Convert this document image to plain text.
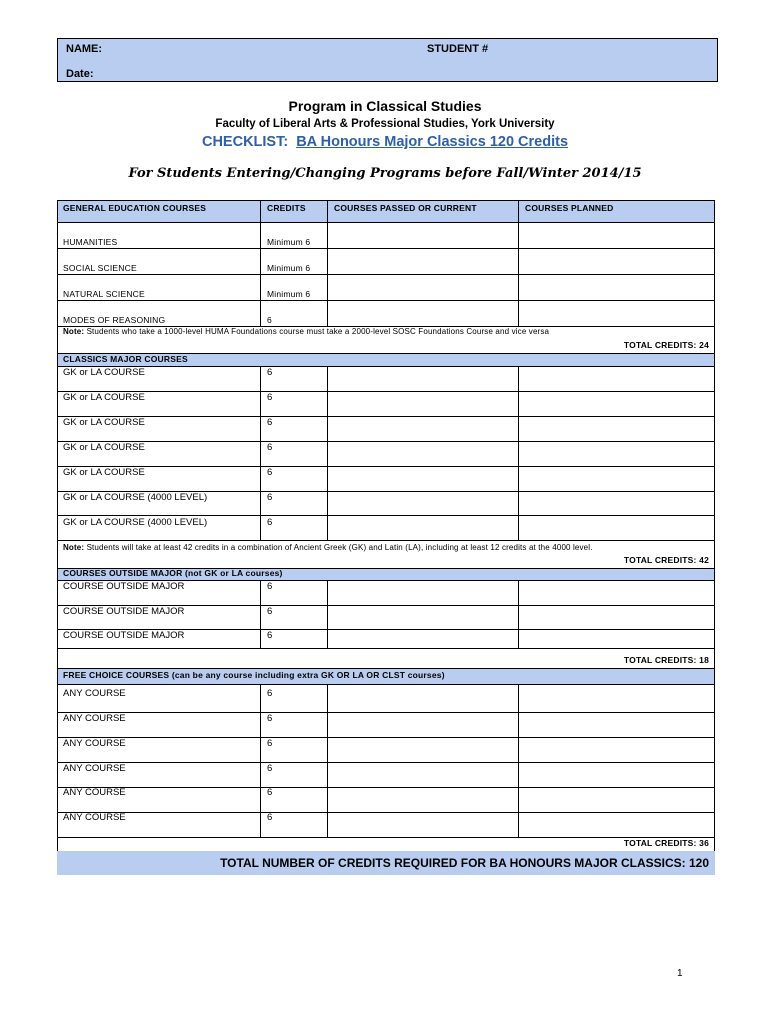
NAME:	STUDENT #
Date:
Program in Classical Studies
Faculty of Liberal Arts & Professional Studies, York University
CHECKLIST: BA Honours Major Classics 120 Credits
For Students Entering/Changing Programs before Fall/Winter 2014/15
GENERAL EDUCATION COURSES	CREDITS	COURSES PASSED OR CURRENT	COURSES PLANNED
HUMANITIES	Minimum 6
SOCIAL SCIENCE	Minimum 6
NATURAL SCIENCE	Minimum 6
MODES OF REASONING	6
Note: Students who take a 1000-level HUMA Foundations course must take a 2000-level SOSC Foundations Course and vice versa
TOTAL CREDITS: 24
CLASSICS MAJOR COURSES
GK or LA COURSE	6
GK or LA COURSE	6
GK or LA COURSE	6
GK or LA COURSE	6
GK or LA COURSE	6
GK or LA COURSE (4000 LEVEL)	6
GK or LA COURSE (4000 LEVEL)	6
Note: Students will take at least 42 credits in a combination of Ancient Greek (GK) and Latin (LA), including at least 12 credits at the 4000 level.
TOTAL CREDITS: 42
COURSES OUTSIDE MAJOR (not GK or LA courses)
COURSE OUTSIDE MAJOR	6
COURSE OUTSIDE MAJOR	6
COURSE OUTSIDE MAJOR	6
TOTAL CREDITS: 18
FREE CHOICE COURSES (can be any course including extra GK OR LA OR CLST courses)
ANY COURSE	6
ANY COURSE	6
ANY COURSE	6
ANY COURSE	6
ANY COURSE	6
ANY COURSE	6
TOTAL CREDITS: 36
TOTAL NUMBER OF CREDITS REQUIRED FOR BA HONOURS MAJOR CLASSICS: 120
1
